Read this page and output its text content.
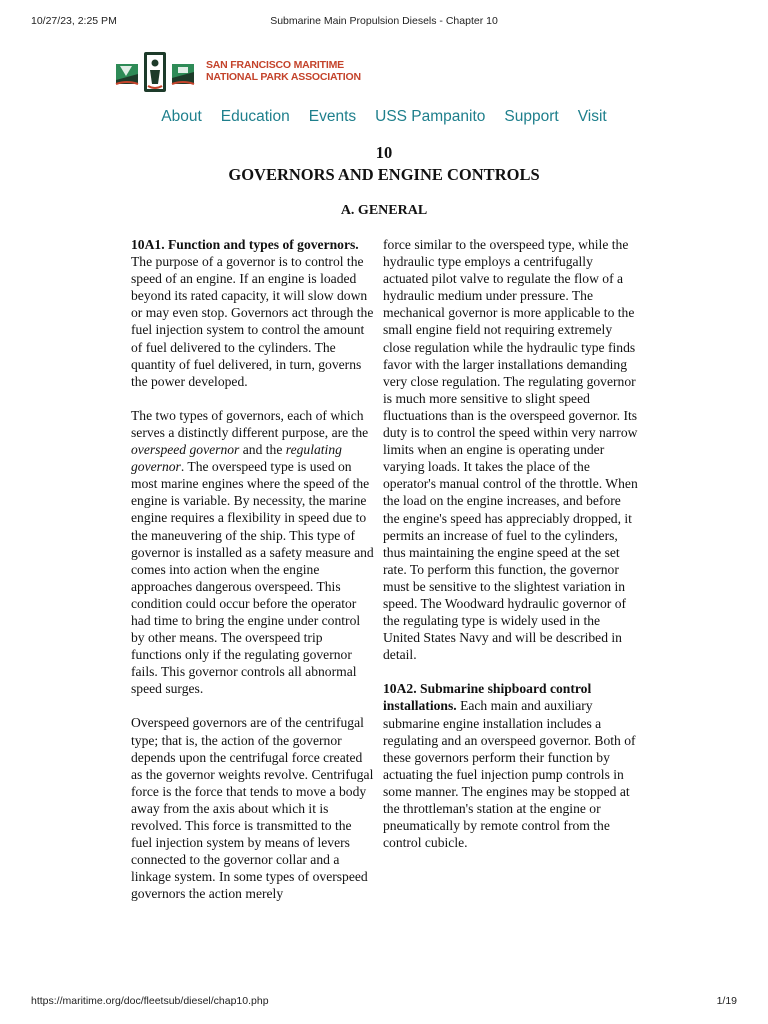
10/27/23, 2:25 PM	Submarine Main Propulsion Diesels - Chapter 10
SAN FRANCISCO MARITIME
NATIONAL PARK ASSOCIATION
About Education Events USS Pampanito Support Visit
10
GOVERNORS AND ENGINE CONTROLS
A. GENERAL

10A1. Function and types of governors. The purpose of a governor is to control the speed of an engine. If an engine is loaded beyond its rated capacity, it will slow down or may even stop. Governors act through the fuel injection system to control the amount of fuel delivered to the cylinders. The quantity of fuel delivered, in turn, governs the power developed.

The two types of governors, each of which serves a distinctly different purpose, are the overspeed governor and the regulating governor. The overspeed type is used on most marine engines where the speed of the engine is variable. By necessity, the marine engine requires a flexibility in speed due to the maneuvering of the ship. This type of governor is installed as a safety measure and comes into action when the engine approaches dangerous overspeed. This condition could occur before the operator had time to bring the engine under control by other means. The overspeed trip functions only if the regulating governor fails. This governor controls all abnormal speed surges.

Overspeed governors are of the centrifugal type; that is, the action of the governor depends upon the centrifugal force created as the governor weights revolve. Centrifugal force is the force that tends to move a body away from the axis about which it is revolved. This force is transmitted to the fuel injection system by means of levers connected to the governor collar and a linkage system. In some types of overspeed governors the action merely

force similar to the overspeed type, while the hydraulic type employs a centrifugally actuated pilot valve to regulate the flow of a hydraulic medium under pressure. The mechanical governor is more applicable to the small engine field not requiring extremely close regulation while the hydraulic type finds favor with the larger installations demanding very close regulation. The regulating governor is much more sensitive to slight speed fluctuations than is the overspeed governor. Its duty is to control the speed within very narrow limits when an engine is operating under varying loads. It takes the place of the operator's manual control of the throttle. When the load on the engine increases, and before the engine's speed has appreciably dropped, it permits an increase of fuel to the cylinders, thus maintaining the engine speed at the set rate. To perform this function, the governor must be sensitive to the slightest variation in speed. The Woodward hydraulic governor of the regulating type is widely used in the United States Navy and will be described in detail.

10A2. Submarine shipboard control installations. Each main and auxiliary submarine engine installation includes a regulating and an overspeed governor. Both of these governors perform their function by actuating the fuel injection pump controls in some manner. The engines may be stopped at the throttleman's station at the engine or pneumatically by remote control from the control cubicle.

https://maritime.org/doc/fleetsub/diesel/chap10.php	1/19
